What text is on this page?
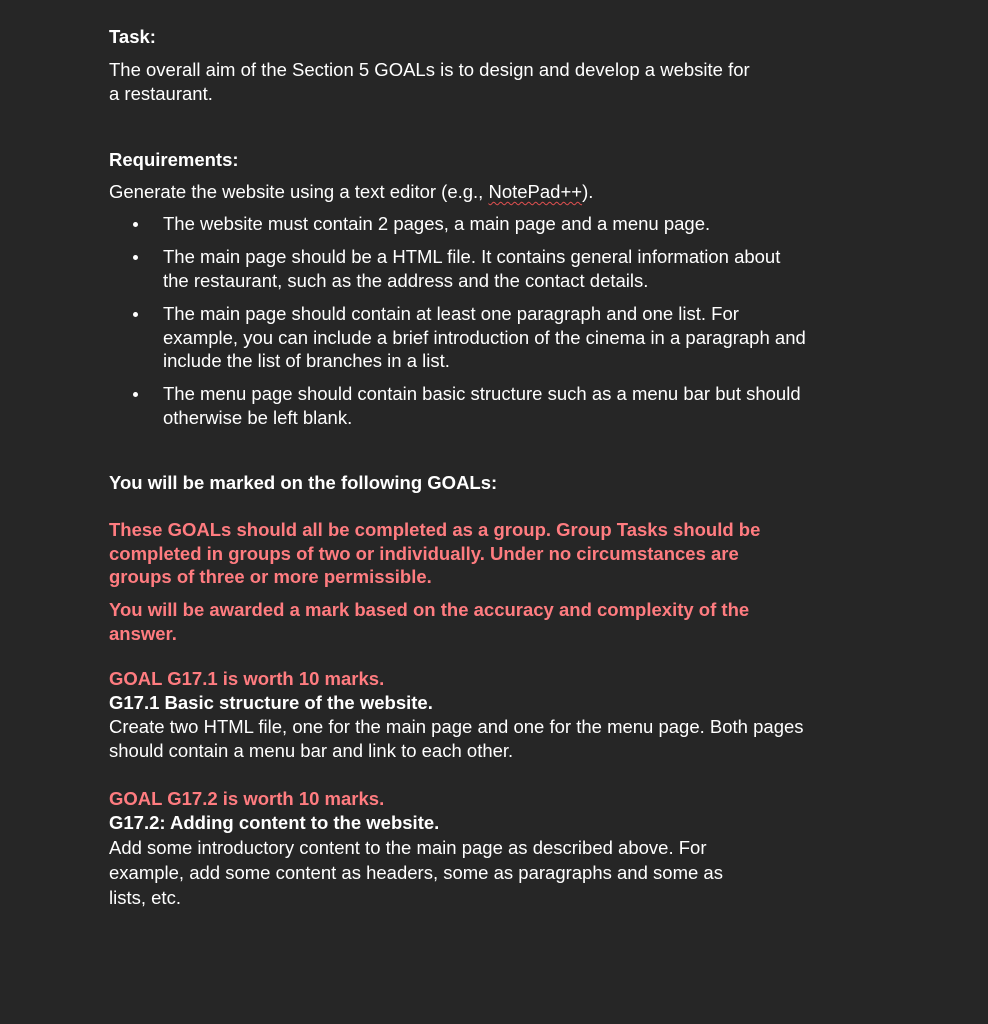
Task:
The overall aim of the Section 5 GOALs is to design and develop a website for
a restaurant.
Requirements:
Generate the website using a text editor (e.g., NotePad++).
The website must contain 2 pages, a main page and a menu page.
The main page should be a HTML file. It contains general information about
the restaurant, such as the address and the contact details.
The main page should contain at least one paragraph and one list. For
example, you can include a brief introduction of the cinema in a paragraph and
include the list of branches in a list.
The menu page should contain basic structure such as a menu bar but should
otherwise be left blank.
You will be marked on the following GOALs:
These GOALs should all be completed as a group. Group Tasks should be
completed in groups of two or individually. Under no circumstances are
groups of three or more permissible.
You will be awarded a mark based on the accuracy and complexity of the
answer.
GOAL G17.1 is worth 10 marks.
G17.1 Basic structure of the website.
Create two HTML file, one for the main page and one for the menu page. Both pages
should contain a menu bar and link to each other.
GOAL G17.2 is worth 10 marks.
G17.2: Adding content to the website.
Add some introductory content to the main page as described above. For
example, add some content as headers, some as paragraphs and some as
lists, etc.
